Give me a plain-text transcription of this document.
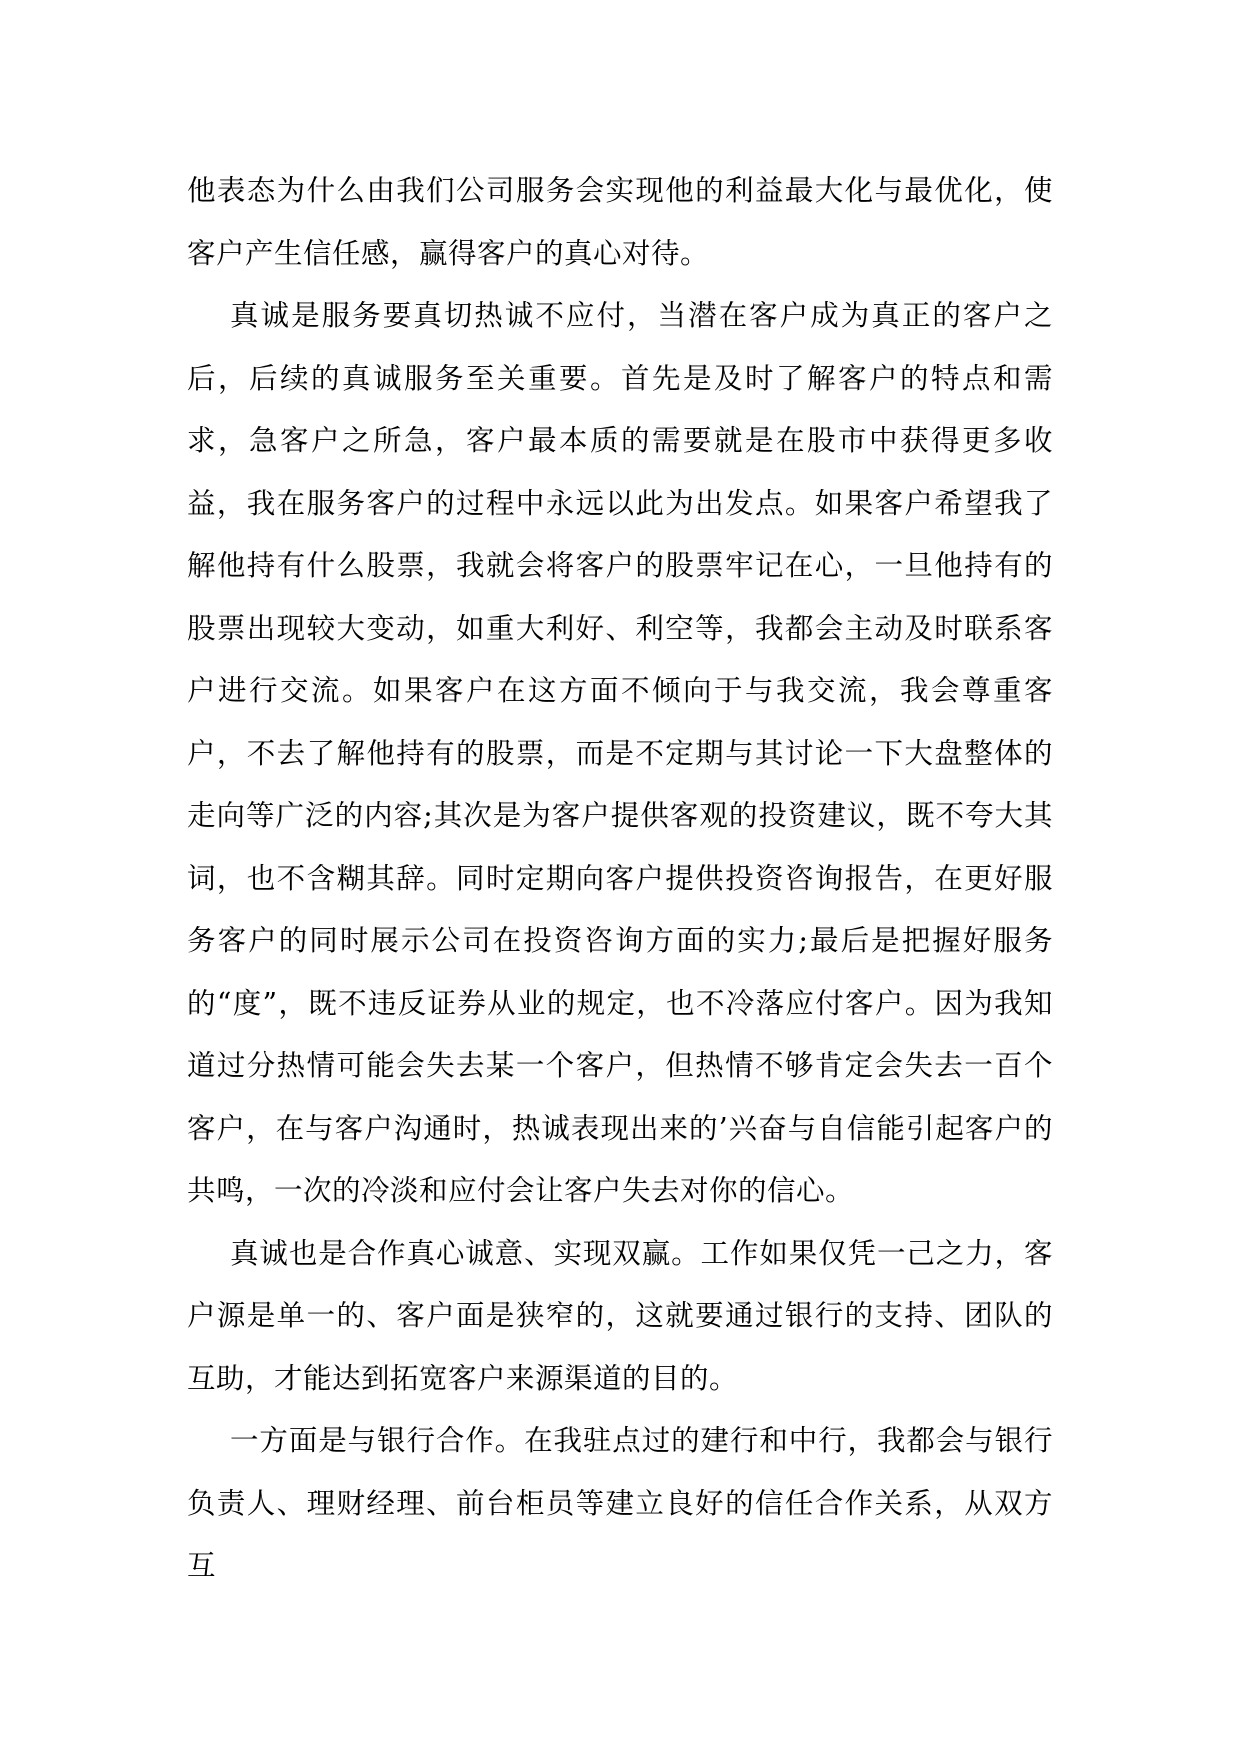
他表态为什么由我们公司服务会实现他的利益最大化与最优化，使客户产生信任感，赢得客户的真心对待。

真诚是服务要真切热诚不应付，当潜在客户成为真正的客户之后，后续的真诚服务至关重要。首先是及时了解客户的特点和需求，急客户之所急，客户最本质的需要就是在股市中获得更多收益，我在服务客户的过程中永远以此为出发点。如果客户希望我了解他持有什么股票，我就会将客户的股票牢记在心，一旦他持有的股票出现较大变动，如重大利好、利空等，我都会主动及时联系客户进行交流。如果客户在这方面不倾向于与我交流，我会尊重客户，不去了解他持有的股票，而是不定期与其讨论一下大盘整体的走向等广泛的内容;其次是为客户提供客观的投资建议，既不夸大其词，也不含糊其辞。同时定期向客户提供投资咨询报告，在更好服务客户的同时展示公司在投资咨询方面的实力;最后是把握好服务的“度”，既不违反证券从业的规定，也不冷落应付客户。因为我知道过分热情可能会失去某一个客户，但热情不够肯定会失去一百个客户，在与客户沟通时，热诚表现出来的’兴奋与自信能引起客户的共鸣，一次的冷淡和应付会让客户失去对你的信心。

真诚也是合作真心诚意、实现双赢。工作如果仅凭一己之力，客户源是单一的、客户面是狭窄的，这就要通过银行的支持、团队的互助，才能达到拓宽客户来源渠道的目的。

一方面是与银行合作。在我驻点过的建行和中行，我都会与银行负责人、理财经理、前台柜员等建立良好的信任合作关系，从双方互
